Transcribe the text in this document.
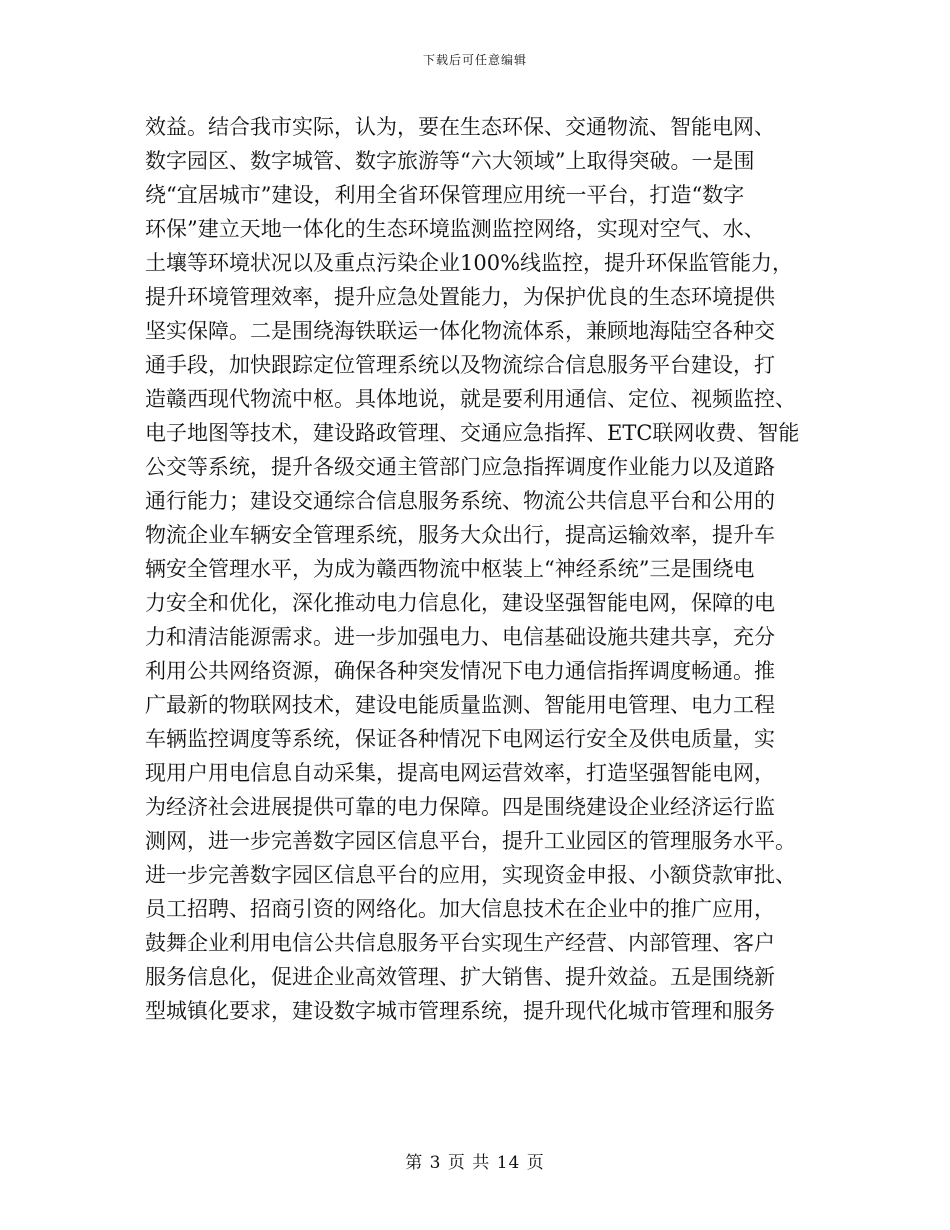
下载后可任意编辑
效益。结合我市实际，认为，要在生态环保、交通物流、智能电网、
数字园区、数字城管、数字旅游等“六大领域”上取得突破。一是围
绕“宜居城市”建设，利用全省环保管理应用统一平台，打造“数字
环保”建立天地一体化的生态环境监测监控网络，实现对空气、水、
土壤等环境状况以及重点污染企业100%线监控，提升环保监管能力，
提升环境管理效率，提升应急处置能力，为保护优良的生态环境提供
坚实保障。二是围绕海铁联运一体化物流体系，兼顾地海陆空各种交
通手段，加快跟踪定位管理系统以及物流综合信息服务平台建设，打
造赣西现代物流中枢。具体地说，就是要利用通信、定位、视频监控、
电子地图等技术，建设路政管理、交通应急指挥、ETC联网收费、智能
公交等系统，提升各级交通主管部门应急指挥调度作业能力以及道路
通行能力；建设交通综合信息服务系统、物流公共信息平台和公用的
物流企业车辆安全管理系统，服务大众出行，提高运输效率，提升车
辆安全管理水平，为成为赣西物流中枢装上“神经系统”三是围绕电
力安全和优化，深化推动电力信息化，建设坚强智能电网，保障的电
力和清洁能源需求。进一步加强电力、电信基础设施共建共享，充分
利用公共网络资源，确保各种突发情况下电力通信指挥调度畅通。推
广最新的物联网技术，建设电能质量监测、智能用电管理、电力工程
车辆监控调度等系统，保证各种情况下电网运行安全及供电质量，实
现用户用电信息自动采集，提高电网运营效率，打造坚强智能电网，
为经济社会进展提供可靠的电力保障。四是围绕建设企业经济运行监
测网，进一步完善数字园区信息平台，提升工业园区的管理服务水平。
进一步完善数字园区信息平台的应用，实现资金申报、小额贷款审批、
员工招聘、招商引资的网络化。加大信息技术在企业中的推广应用，
鼓舞企业利用电信公共信息服务平台实现生产经营、内部管理、客户
服务信息化，促进企业高效管理、扩大销售、提升效益。五是围绕新
型城镇化要求，建设数字城市管理系统，提升现代化城市管理和服务
第 3 页 共 14 页
